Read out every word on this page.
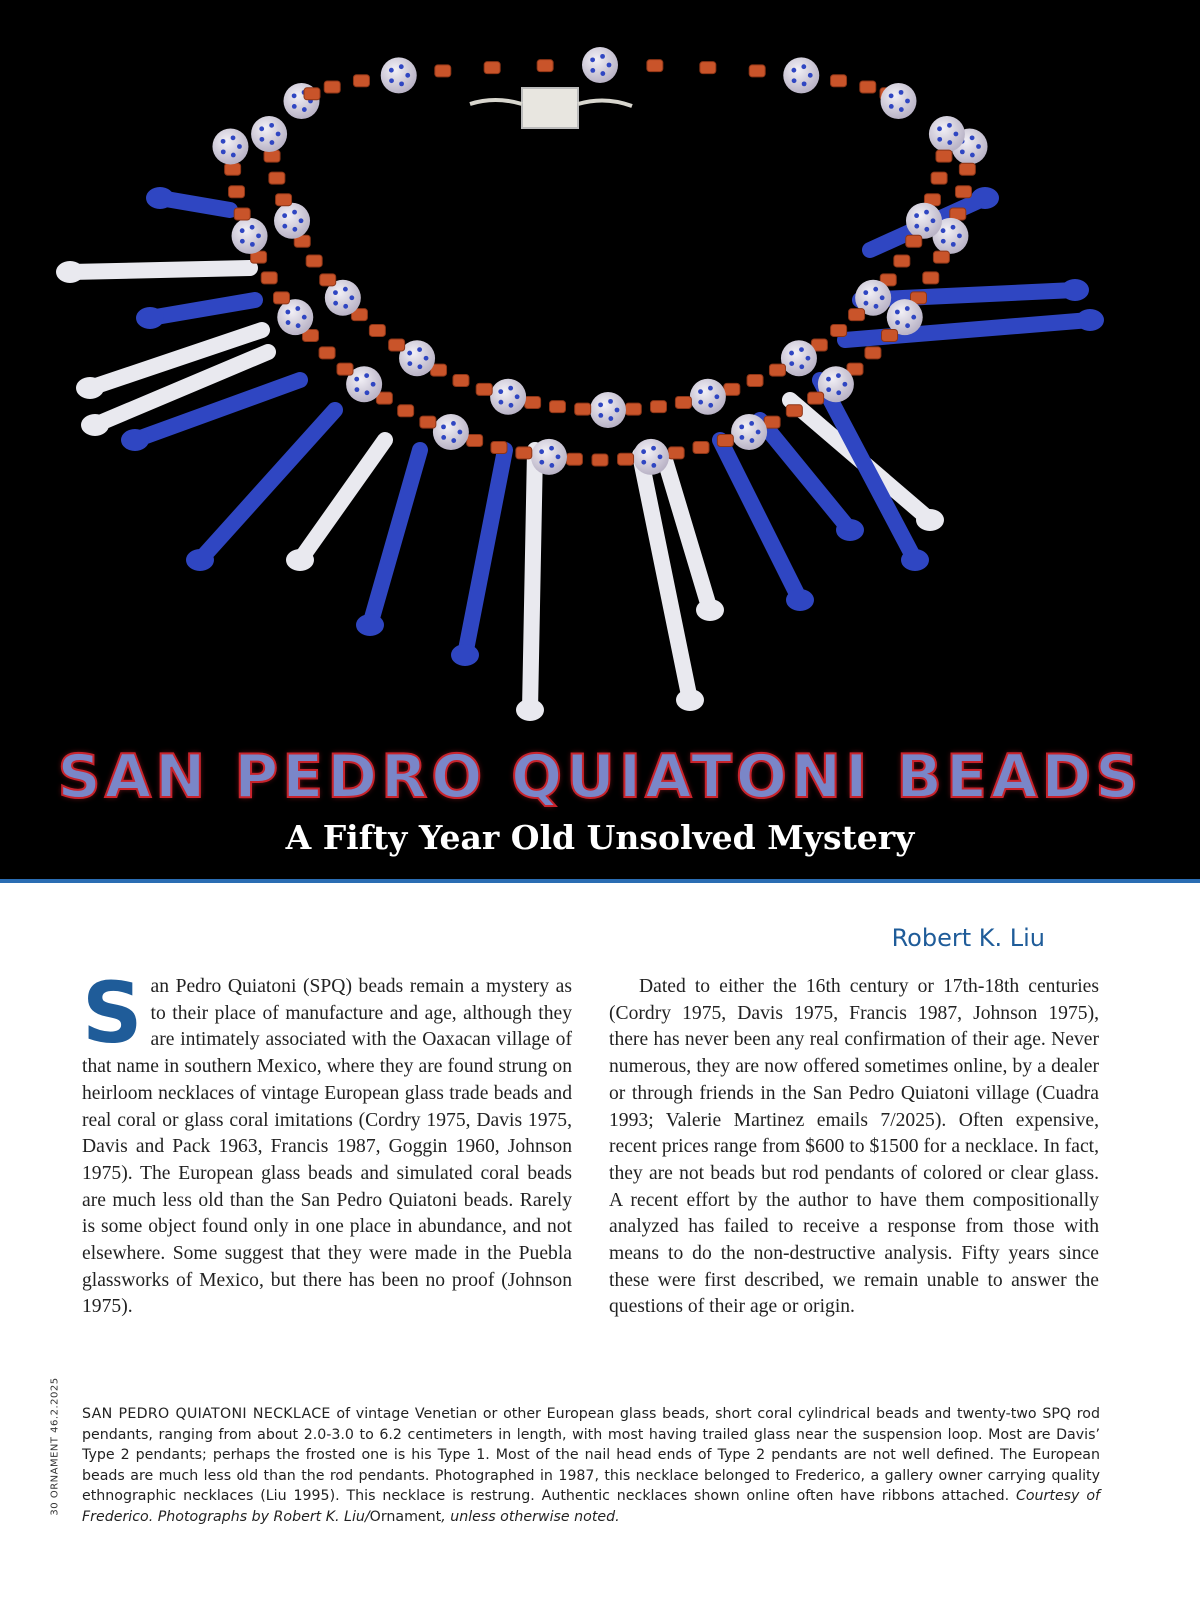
SAN PEDRO QUIATONI BEADS
A Fifty Year Old Unsolved Mystery

Robert K. Liu

San Pedro Quiatoni (SPQ) beads remain a mystery as to their place of manufacture and age, although they are intimately associated with the Oaxacan village of that name in southern Mexico, where they are found strung on heirloom necklaces of vintage European glass trade beads and real coral or glass coral imitations (Cordry 1975, Davis 1975, Davis and Pack 1963, Francis 1987, Goggin 1960, Johnson 1975). The European glass beads and simulated coral beads are much less old than the San Pedro Quiatoni beads. Rarely is some object found only in one place in abundance, and not elsewhere. Some suggest that they were made in the Puebla glassworks of Mexico, but there has been no proof (Johnson 1975).
Dated to either the 16th century or 17th-18th centuries (Cordry 1975, Davis 1975, Francis 1987, Johnson 1975), there has never been any real confirmation of their age. Never numerous, they are now offered sometimes online, by a dealer or through friends in the San Pedro Quiatoni village (Cuadra 1993; Valerie Martinez emails 7/2025). Often expensive, recent prices range from $600 to $1500 for a necklace. In fact, they are not beads but rod pendants of colored or clear glass. A recent effort by the author to have them compositionally analyzed has failed to receive a response from those with means to do the non-destructive analysis. Fifty years since these were first described, we remain unable to answer the questions of their age or origin.
30 ORNAMENT 46.2.2025 SAN PEDRO QUIATONI NECKLACE of vintage Venetian or other European glass beads, short coral cylindrical beads and twenty-two SPQ rod pendants, ranging from about 2.0-3.0 to 6.2 centimeters in length, with most having trailed glass near the suspension loop. Most are Davis’ Type 2 pendants; perhaps the frosted one is his Type 1. Most of the nail head ends of Type 2 pendants are not well defined. The European beads are much less old than the rod pendants. Photographed in 1987, this necklace belonged to Frederico, a gallery owner carrying quality ethnographic necklaces (Liu 1995). This necklace is restrung. Authentic necklaces shown online often have ribbons attached. Courtesy of Frederico. Photographs by Robert K. Liu/Ornament, unless otherwise noted.
